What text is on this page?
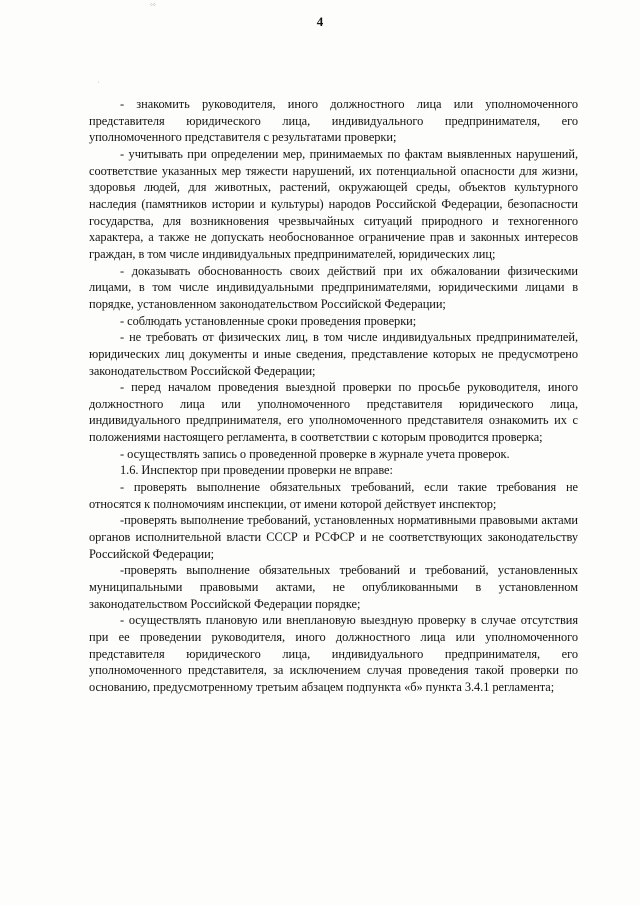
◦◦
4
˙

- знакомить руководителя, иного должностного лица или уполномоченного представителя юридического лица, индивидуального предпринимателя, его уполномоченного представителя с результатами проверки;

- учитывать при определении мер, принимаемых по фактам выявленных нарушений, соответствие указанных мер тяжести нарушений, их потенциальной опасности для жизни, здоровья людей, для животных, растений, окружающей среды, объектов культурного наследия (памятников истории и культуры) народов Российской Федерации, безопасности государства, для возникновения чрезвычайных ситуаций природного и техногенного характера, а также не допускать необоснованное ограничение прав и законных интересов граждан, в том числе индивидуальных предпринимателей, юридических лиц;

- доказывать обоснованность своих действий при их обжаловании физическими лицами, в том числе индивидуальными предпринимателями, юридическими лицами в порядке, установленном законодательством Российской Федерации;

- соблюдать установленные сроки проведения проверки;

- не требовать от физических лиц, в том числе индивидуальных предпринимателей, юридических лиц документы и иные сведения, представление которых не предусмотрено законодательством Российской Федерации;

- перед началом проведения выездной проверки по просьбе руководителя, иного должностного лица или уполномоченного представителя юридического лица, индивидуального предпринимателя, его уполномоченного представителя ознакомить их с положениями настоящего регламента, в соответствии с которым проводится проверка;

- осуществлять запись о проведенной проверке в журнале учета проверок.

1.6. Инспектор при проведении проверки не вправе:

- проверять выполнение обязательных требований, если такие требования не относятся к полномочиям инспекции, от имени которой действует инспектор;

-проверять выполнение требований, установленных нормативными правовыми актами органов исполнительной власти СССР и РСФСР и не соответствующих законодательству Российской Федерации;

-проверять выполнение обязательных требований и требований, установленных муниципальными правовыми актами, не опубликованными в установленном законодательством Российской Федерации порядке;

- осуществлять плановую или внеплановую выездную проверку в случае отсутствия при ее проведении руководителя, иного должностного лица или уполномоченного представителя юридического лица, индивидуального предпринимателя, его уполномоченного представителя, за исключением случая проведения такой проверки по основанию, предусмотренному третьим абзацем подпункта «б» пункта 3.4.1 регламента;
